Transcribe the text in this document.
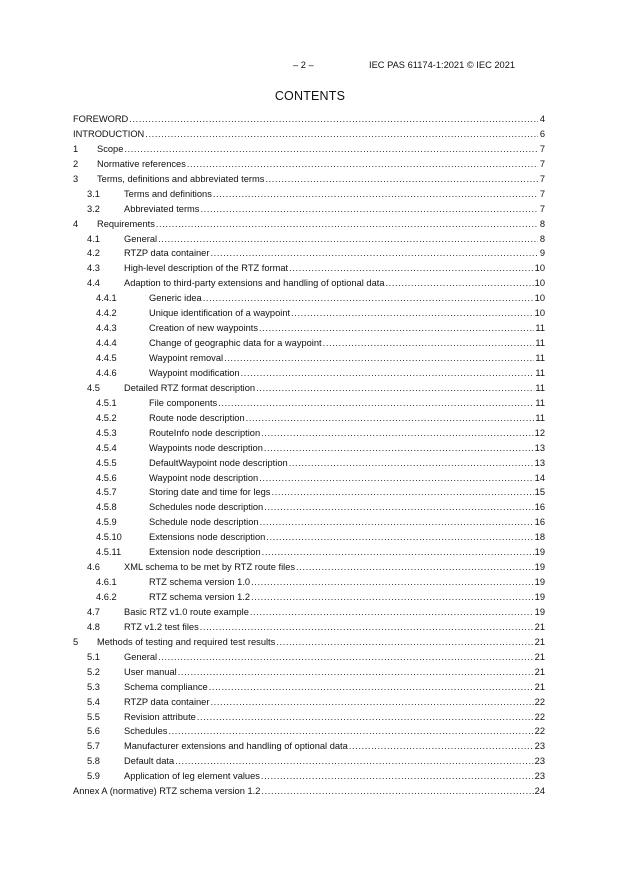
– 2 –	IEC PAS 61174-1:2021 © IEC 2021
CONTENTS
FOREWORD .....	4
INTRODUCTION .....	6
1	Scope .....	7
2	Normative references .....	7
3	Terms, definitions and abbreviated terms .....	7
3.1	Terms and definitions .....	7
3.2	Abbreviated terms .....	7
4	Requirements .....	8
4.1	General .....	8
4.2	RTZP data container .....	9
4.3	High-level description of the RTZ format .....	10
4.4	Adaption to third-party extensions and handling of optional data .....	10
4.4.1	Generic idea .....	10
4.4.2	Unique identification of a waypoint .....	10
4.4.3	Creation of new waypoints .....	11
4.4.4	Change of geographic data for a waypoint .....	11
4.4.5	Waypoint removal .....	11
4.4.6	Waypoint modification .....	11
4.5	Detailed RTZ format description .....	11
4.5.1	File components .....	11
4.5.2	Route node description .....	11
4.5.3	RouteInfo node description .....	12
4.5.4	Waypoints node description .....	13
4.5.5	DefaultWaypoint node description .....	13
4.5.6	Waypoint node description .....	14
4.5.7	Storing date and time for legs .....	15
4.5.8	Schedules node description .....	16
4.5.9	Schedule node description .....	16
4.5.10	Extensions node description .....	18
4.5.11	Extension node description .....	19
4.6	XML schema to be met by RTZ route files .....	19
4.6.1	RTZ schema version 1.0 .....	19
4.6.2	RTZ schema version 1.2 .....	19
4.7	Basic RTZ v1.0 route example .....	19
4.8	RTZ v1.2 test files .....	21
5	Methods of testing and required test results .....	21
5.1	General .....	21
5.2	User manual .....	21
5.3	Schema compliance .....	21
5.4	RTZP data container .....	22
5.5	Revision attribute .....	22
5.6	Schedules .....	22
5.7	Manufacturer extensions and handling of optional data .....	23
5.8	Default data .....	23
5.9	Application of leg element values .....	23
Annex A (normative) RTZ schema version 1.2 .....	24
